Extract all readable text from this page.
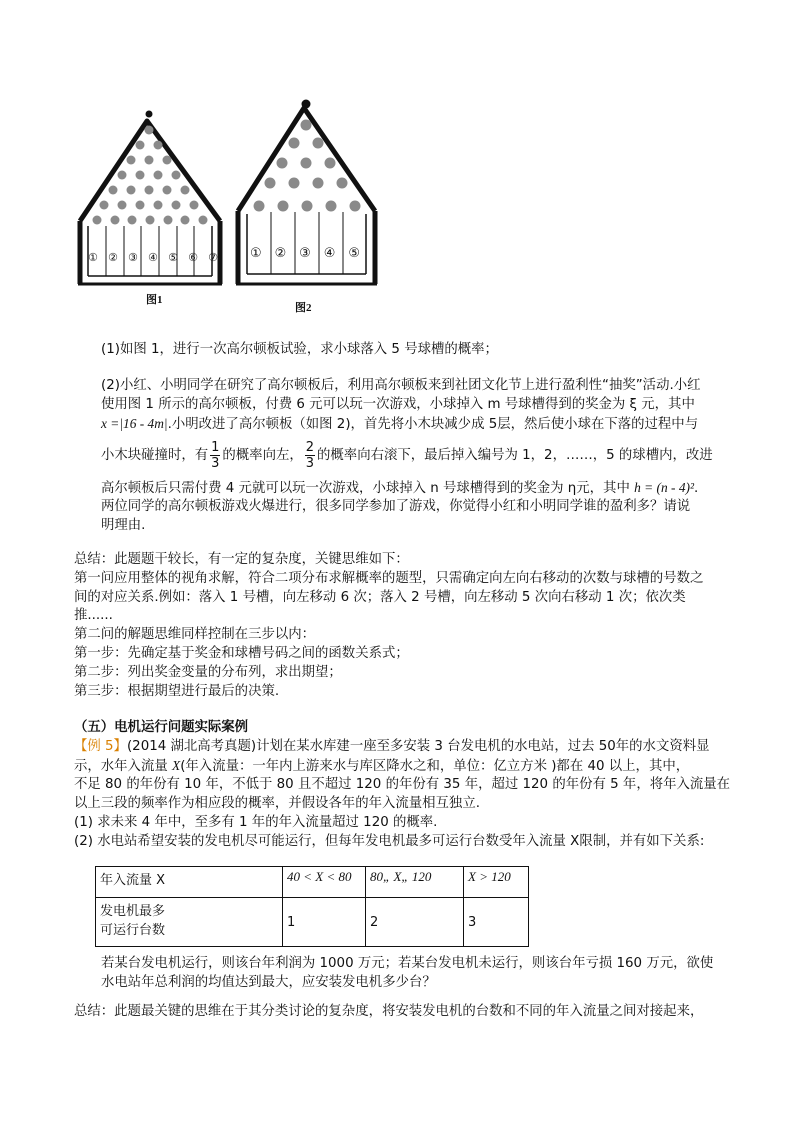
① ② ③ ④ ⑤ ⑥ ⑦
图1
① ② ③ ④ ⑤
图2
(1)如图 1，进行一次高尔顿板试验，求小球落入 5 号球槽的概率；
(2)小红、小明同学在研究了高尔顿板后，利用高尔顿板来到社团文化节上进行盈利性“抽奖”活动.小红
使用图 1 所示的高尔顿板，付费 6 元可以玩一次游戏，小球掉入 m 号球槽得到的奖金为 ξ 元，其中
x =|16 - 4m|.小明改进了高尔顿板（如图 2)，首先将小木块减少成 5层，然后使小球在下落的过程中与
小木块碰撞时，有 $\frac{1}{3}$ 的概率向左， $\frac{2}{3}$ 的概率向右滚下，最后掉入编号为 1，2，……，5 的球槽内，改进
高尔顿板后只需付费 4 元就可以玩一次游戏，小球掉入 n 号球槽得到的奖金为 η元，其中 h = (n - 4)².
两位同学的高尔顿板游戏火爆进行，很多同学参加了游戏，你觉得小红和小明同学谁的盈利多？请说
明理由.
总结：此题题干较长，有一定的复杂度，关键思维如下：
第一问应用整体的视角求解，符合二项分布求解概率的题型，只需确定向左向右移动的次数与球槽的号数之
间的对应关系.例如：落入 1 号槽，向左移动 6 次；落入 2 号槽，向左移动 5 次向右移动 1 次；依次类
推......
第二问的解题思维同样控制在三步以内：
第一步：先确定基于奖金和球槽号码之间的函数关系式；
第二步：列出奖金变量的分布列，求出期望；
第三步：根据期望进行最后的决策.
（五）电机运行问题实际案例
【例 5】(2014 湖北高考真题)计划在某水库建一座至多安装 3 台发电机的水电站，过去 50年的水文资料显
示，水年入流量 X(年入流量：一年内上游来水与库区降水之和，单位：亿立方米 )都在 40 以上，其中，
不足 80 的年份有 10 年，不低于 80 且不超过 120 的年份有 35 年，超过 120 的年份有 5 年，将年入流量在
以上三段的频率作为相应段的概率，并假设各年的年入流量相互独立.
(1) 求未来 4 年中，至多有 1 年的年入流量超过 120 的概率.
(2) 水电站希望安装的发电机尽可能运行，但每年发电机最多可运行台数受年入流量 X限制，并有如下关系:
年入流量 X	40 < X < 80	80„ X„ 120	X > 120

发电机最多
可运行台数	1	2	3
若某台发电机运行，则该台年利润为 1000 万元；若某台发电机未运行，则该台年亏损 160 万元，欲使
水电站年总利润的均值达到最大，应安装发电机多少台？
总结：此题最关键的思维在于其分类讨论的复杂度，将安装发电机的台数和不同的年入流量之间对接起来，
